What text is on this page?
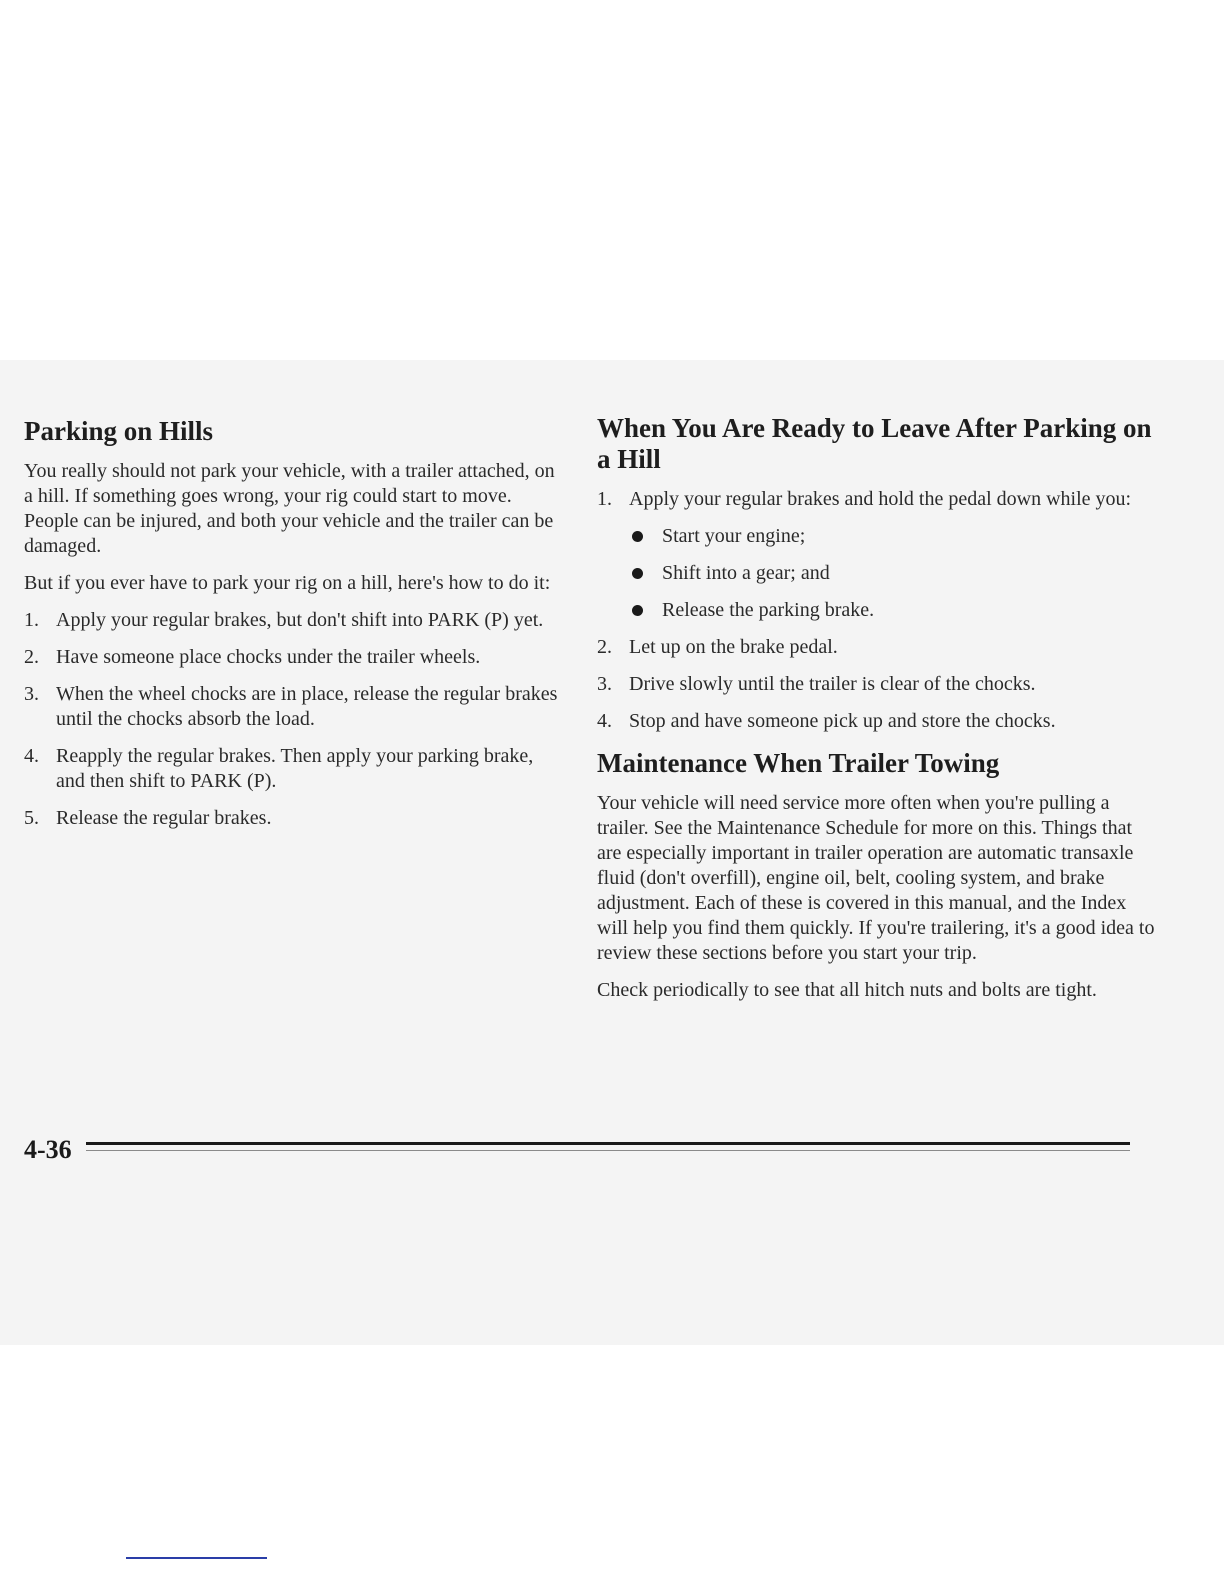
Parking on Hills

You really should not park your vehicle, with a trailer attached, on a hill. If something goes wrong, your rig could start to move. People can be injured, and both your vehicle and the trailer can be damaged.

But if you ever have to park your rig on a hill, here's how to do it:

1. Apply your regular brakes, but don't shift into PARK (P) yet.
2. Have someone place chocks under the trailer wheels.
3. When the wheel chocks are in place, release the regular brakes until the chocks absorb the load.
4. Reapply the regular brakes. Then apply your parking brake, and then shift to PARK (P).
5. Release the regular brakes.
When You Are Ready to Leave After Parking on a Hill
1. Apply your regular brakes and hold the pedal down while you:
Start your engine;
Shift into a gear; and
Release the parking brake.
2. Let up on the brake pedal.
3. Drive slowly until the trailer is clear of the chocks.
4. Stop and have someone pick up and store the chocks.
Maintenance When Trailer Towing

Your vehicle will need service more often when you're pulling a trailer. See the Maintenance Schedule for more on this. Things that are especially important in trailer operation are automatic transaxle fluid (don't overfill), engine oil, belt, cooling system, and brake adjustment. Each of these is covered in this manual, and the Index will help you find them quickly. If you're trailering, it's a good idea to review these sections before you start your trip.

Check periodically to see that all hitch nuts and bolts are tight.

4-36
